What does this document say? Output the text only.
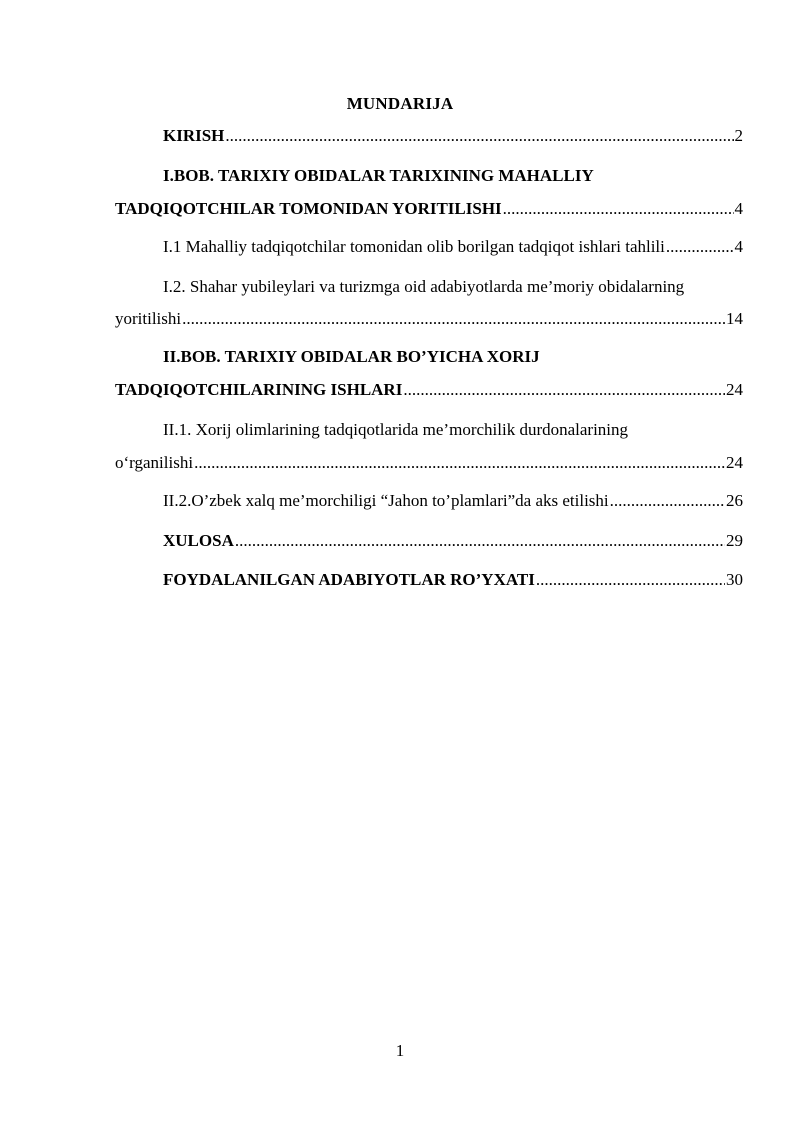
MUNDARIJA
KIRISH .....	2
I.BOB. TARIXIY OBIDALAR TARIXINING MAHALLIY
TADQIQOTCHILAR TOMONIDAN YORITILISHI .....	4
I.1 Mahalliy tadqiqotchilar tomonidan olib borilgan tadqiqot ishlari tahlili .....	4
I.2. Shahar yubileylari va turizmga oid adabiyotlarda me’moriy obidalarning
yoritilishi .....	14
II.BOB. TARIXIY OBIDALAR BO’YICHA XORIJ
TADQIQOTCHILARINING ISHLARI .....	24
II.1. Xorij olimlarining tadqiqotlarida me’morchilik durdonalarining
o‘rganilishi .....	24
II.2.O’zbek xalq me’morchiligi “Jahon to’plamlari”da aks etilishi .....	26
XULOSA .....	29
FOYDALANILGAN ADABIYOTLAR RO’YXATI .....	30
1
